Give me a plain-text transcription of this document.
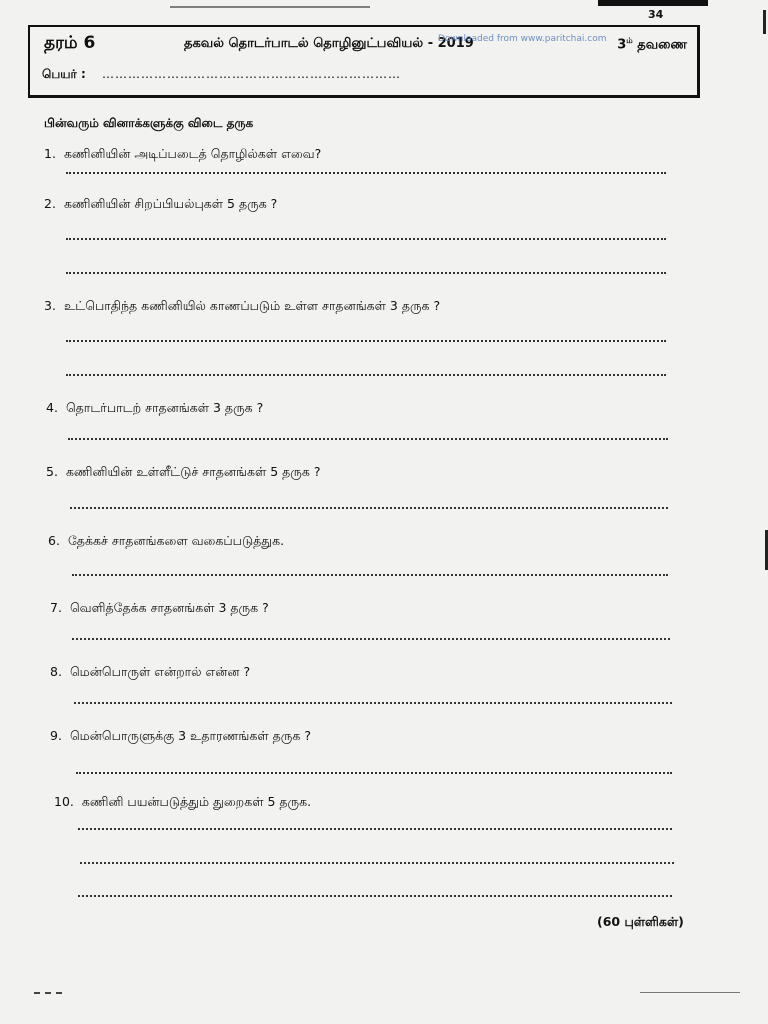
34
தரம் 6	தகவல் தொடர்பாடல் தொழினுட்பவியல் - 2019
Downloaded from www.paritchai.com $3^{ம்}$ தவணை
பெயர் : ……………………………………………………………
பின்வரும் வினாக்களுக்கு விடை தருக
1. கணினியின் அடிப்படைத் தொழில்கள் எவை?
2. கணினியின் சிறப்பியல்புகள் 5 தருக ?
3. உட்பொதிந்த கணினியில் காணப்படும் உள்ள சாதனங்கள் 3 தருக ?
4. தொடர்பாடற் சாதனங்கள் 3 தருக ?
5. கணினியின் உள்ளீட்டுச் சாதனங்கள் 5 தருக ?
6. தேக்கச் சாதனங்களை வகைப்படுத்துக.
7. வெளித்தேக்க சாதனங்கள் 3 தருக ?
8. மென்பொருள் என்றால் என்ன ?
9. மென்பொருளுக்கு 3 உதாரணங்கள் தருக ?
10. கணினி பயன்படுத்தும் துறைகள் 5 தருக.
(60 புள்ளிகள்)
